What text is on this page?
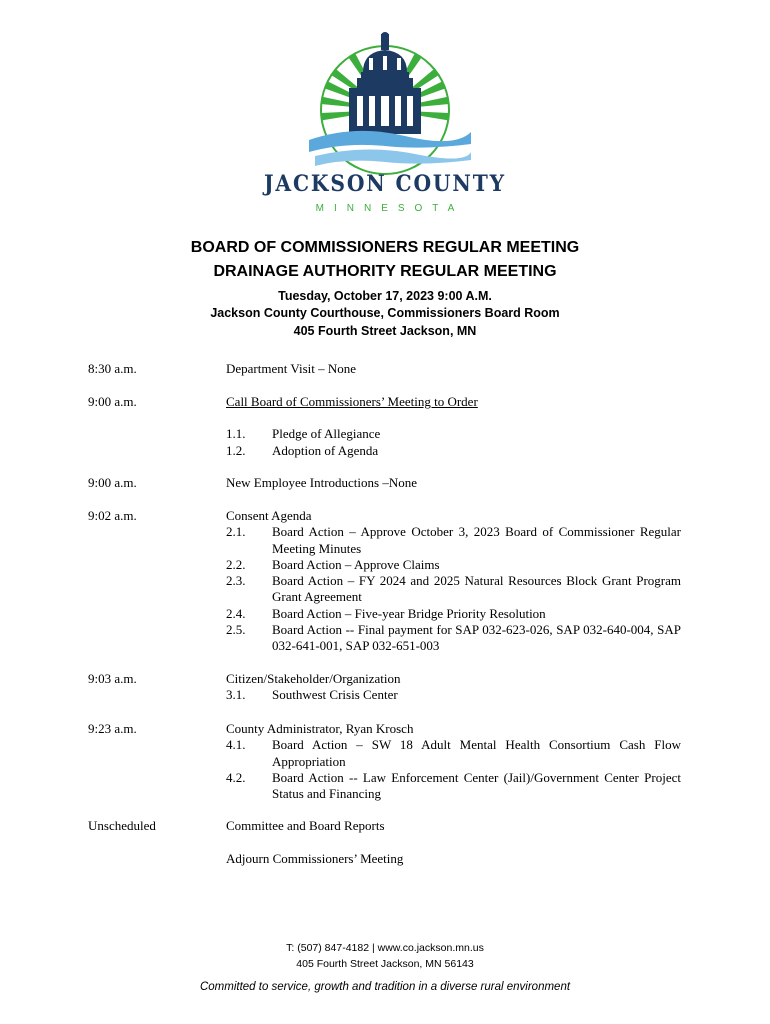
JACKSON COUNTY
MINNESOTA
BOARD OF COMMISSIONERS REGULAR MEETING
DRAINAGE AUTHORITY REGULAR MEETING
Tuesday, October 17, 2023 9:00 A.M.
Jackson County Courthouse, Commissioners Board Room
405 Fourth Street Jackson, MN
8:30 a.m.	Department Visit – None
9:00 a.m.	Call Board of Commissioners’ Meeting to Order
1.1. Pledge of Allegiance
1.2. Adoption of Agenda
9:00 a.m.	New Employee Introductions –None
9:02 a.m.	Consent Agenda
2.1. Board Action – Approve October 3, 2023 Board of Commissioner Regular Meeting Minutes
2.2. Board Action – Approve Claims
2.3. Board Action – FY 2024 and 2025 Natural Resources Block Grant Program Grant Agreement
2.4. Board Action – Five-year Bridge Priority Resolution
2.5. Board Action -- Final payment for SAP 032-623-026, SAP 032-640-004, SAP 032-641-001, SAP 032-651-003
9:03 a.m.	Citizen/Stakeholder/Organization
3.1. Southwest Crisis Center
9:23 a.m.	County Administrator, Ryan Krosch
4.1. Board Action – SW 18 Adult Mental Health Consortium Cash Flow Appropriation
4.2. Board Action -- Law Enforcement Center (Jail)/Government Center Project Status and Financing
Unscheduled	Committee and Board Reports
Adjourn Commissioners’ Meeting
T: (507) 847-4182 | www.co.jackson.mn.us
405 Fourth Street Jackson, MN 56143
Committed to service, growth and tradition in a diverse rural environment
